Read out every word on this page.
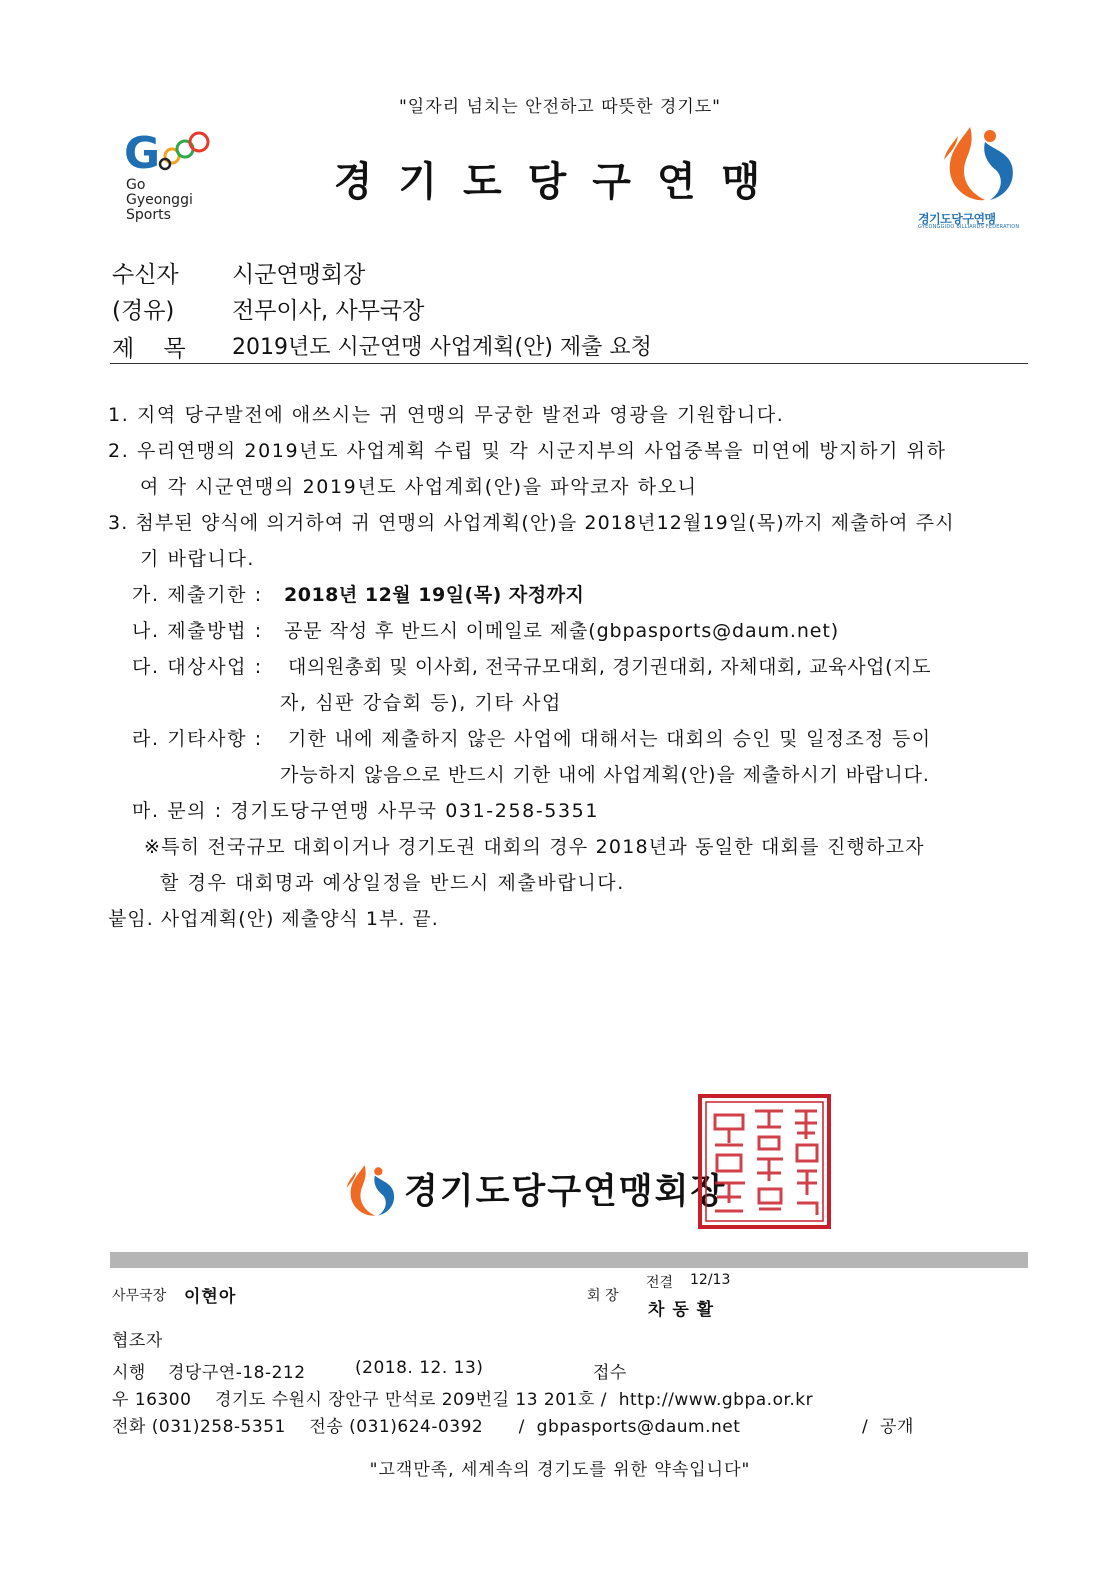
"일자리 넘치는 안전하고 따뜻한 경기도"
G
Go
Gyeonggi
Sports
경기도당구연맹
경기도당구연맹
GYEONGGIDO BILLIARDS FEDERATION
수신자 시군연맹회장
(경유)	전무이사, 사무국장
제    목 2019년도 시군연맹 사업계획(안) 제출 요청
1. 지역 당구발전에 애쓰시는 귀 연맹의 무궁한 발전과 영광을 기원합니다.
2. 우리연맹의 2019년도 사업계획 수립 및 각 시군지부의 사업중복을 미연에 방지하기 위하
여 각 시군연맹의 2019년도 사업계회(안)을 파악코자 하오니
3. 첨부된 양식에 의거하여 귀 연맹의 사업계획(안)을 2018년12월19일(목)까지 제출하여 주시
기 바랍니다.
가. 제출기한 : 2018년 12월 19일(목) 자정까지
나. 제출방법 : 공문 작성 후 반드시 이메일로 제출(gbpasports@daum.net)
다. 대상사업 : 대의원총회 및 이사회, 전국규모대회, 경기권대회, 자체대회, 교육사업(지도
자, 심판 강습회 등), 기타 사업
라. 기타사항 : 기한 내에 제출하지 않은 사업에 대해서는 대회의 승인 및 일정조정 등이
가능하지 않음으로 반드시 기한 내에 사업계획(안)을 제출하시기 바랍니다.
마. 문의 : 경기도당구연맹 사무국 031-258-5351
※특히 전국규모 대회이거나 경기도권 대회의 경우 2018년과 동일한 대회를 진행하고자
할 경우 대회명과 예상일정을 반드시 제출바랍니다.
붙임. 사업계획(안) 제출양식 1부. 끝.
경기도당구연맹회장
사무국장 이현아	회 장
전결 12/13
차 동 활
협조자
시행 경당구연-18-212	(2018. 12. 13)	접수
우 16300    경기도 수원시 장안구 만석로 209번길 13 201호 /  http://www.gbpa.or.kr
전화 (031)258-5351    전송 (031)624-0392      /  gbpasports@daum.net	/  공개
"고객만족, 세계속의 경기도를 위한 약속입니다"
